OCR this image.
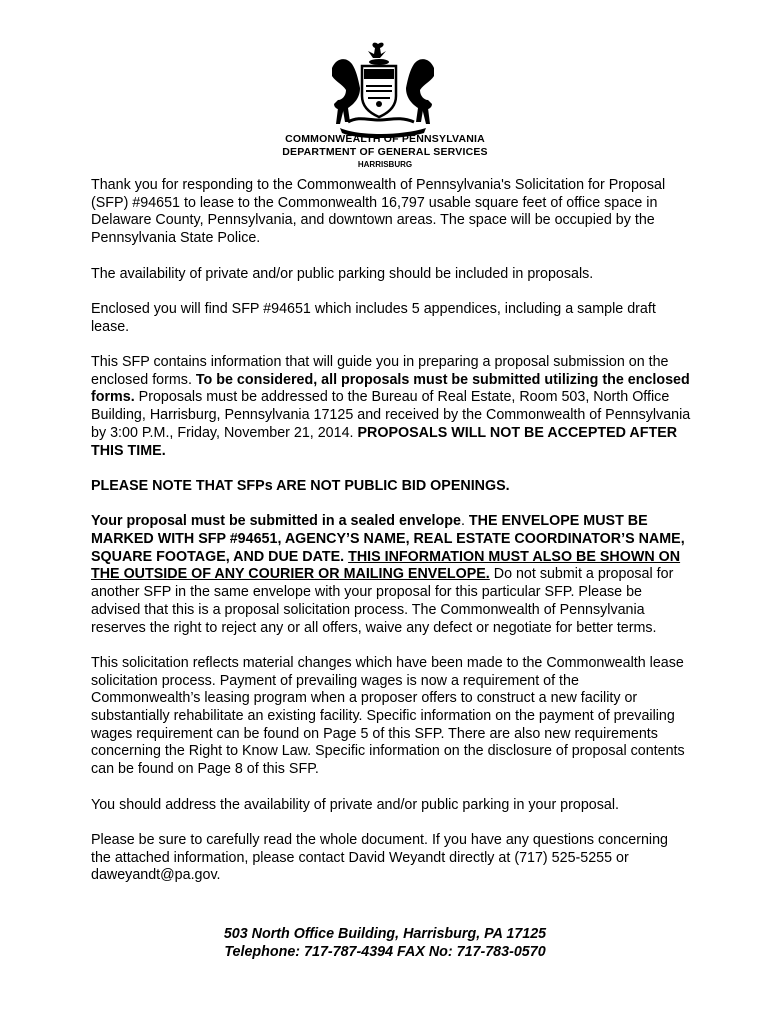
COMMONWEALTH OF PENNSYLVANIA
DEPARTMENT OF GENERAL SERVICES
HARRISBURG

Thank you for responding to the Commonwealth of Pennsylvania's Solicitation for Proposal (SFP) #94651 to lease to the Commonwealth 16,797 usable square feet of office space in Delaware County, Pennsylvania, and downtown areas. The space will be occupied by the Pennsylvania State Police.

The availability of private and/or public parking should be included in proposals.

Enclosed you will find SFP #94651 which includes 5 appendices, including a sample draft lease.

This SFP contains information that will guide you in preparing a proposal submission on the enclosed forms. To be considered, all proposals must be submitted utilizing the enclosed forms. Proposals must be addressed to the Bureau of Real Estate, Room 503, North Office Building, Harrisburg, Pennsylvania 17125 and received by the Commonwealth of Pennsylvania by 3:00 P.M., Friday, November 21, 2014. PROPOSALS WILL NOT BE ACCEPTED AFTER THIS TIME.

PLEASE NOTE THAT SFPs ARE NOT PUBLIC BID OPENINGS.

Your proposal must be submitted in a sealed envelope. THE ENVELOPE MUST BE MARKED WITH SFP #94651, AGENCY’S NAME, REAL ESTATE COORDINATOR’S NAME, SQUARE FOOTAGE, AND DUE DATE. THIS INFORMATION MUST ALSO BE SHOWN ON THE OUTSIDE OF ANY COURIER OR MAILING ENVELOPE. Do not submit a proposal for another SFP in the same envelope with your proposal for this particular SFP. Please be advised that this is a proposal solicitation process. The Commonwealth of Pennsylvania reserves the right to reject any or all offers, waive any defect or negotiate for better terms.

This solicitation reflects material changes which have been made to the Commonwealth lease solicitation process. Payment of prevailing wages is now a requirement of the Commonwealth’s leasing program when a proposer offers to construct a new facility or substantially rehabilitate an existing facility. Specific information on the payment of prevailing wages requirement can be found on Page 5 of this SFP. There are also new requirements concerning the Right to Know Law. Specific information on the disclosure of proposal contents can be found on Page 8 of this SFP.

You should address the availability of private and/or public parking in your proposal.

Please be sure to carefully read the whole document. If you have any questions concerning the attached information, please contact David Weyandt directly at (717) 525-5255 or daweyandt@pa.gov.

503 North Office Building, Harrisburg, PA 17125
Telephone: 717-787-4394 FAX No: 717-783-0570
